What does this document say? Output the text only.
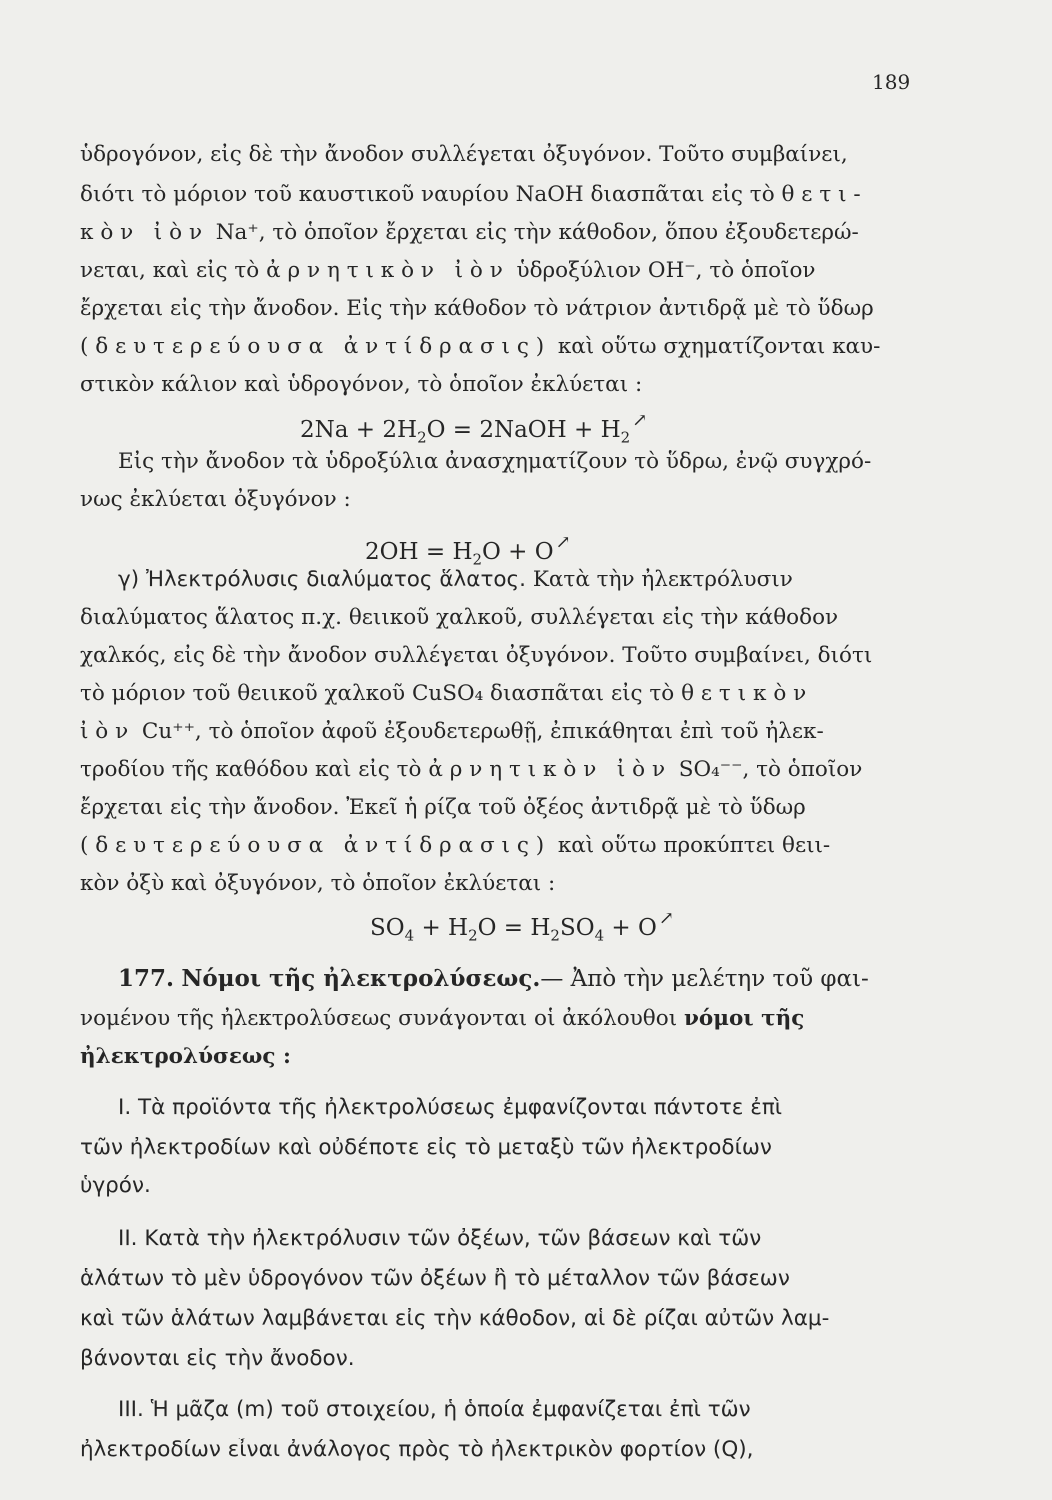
189
ὑδρογόνον, εἰς δὲ τὴν ἄνοδον συλλέγεται ὀξυγόνον. Τοῦτο συμβαίνει,
διότι τὸ μόριον τοῦ καυστικοῦ ναυρίου NaOH διασπᾶται εἰς τὸ θετι-
κὸν ἰὸν Na⁺, τὸ ὁποῖον ἔρχεται εἰς τὴν κάθοδον, ὅπου ἐξουδετερώ-
νεται, καὶ εἰς τὸ ἀρνητικὸν ἰὸν ὑδροξύλιον OH⁻, τὸ ὁποῖον
ἔρχεται εἰς τὴν ἄνοδον. Εἰς τὴν κάθοδον τὸ νάτριον ἀντιδρᾷ μὲ τὸ ὕδωρ
(δευτερεύουσα ἀντίδρασις) καὶ οὕτω σχηματίζονται καυ-
στικὸν κάλιον καὶ ὑδρογόνον, τὸ ὁποῖον ἐκλύεται :
$2Na + 2H_2O$ = 2NaOH + $H_2^↗$
Εἰς τὴν ἄνοδον τὰ ὑδροξύλια ἀνασχηματίζουν τὸ ὕδρω, ἐνῷ συγχρό-
νως ἐκλύεται ὀξυγόνον :
$2OH = H_2O + O$ ↗
γ) Ἠλεκτρόλυσις διαλύματος ἅλατος. Κατὰ τὴν ἠλεκτρόλυσιν
διαλύματος ἅλατος π.χ. θειικοῦ χαλκοῦ, συλλέγεται εἰς τὴν κάθοδον
χαλκός, εἰς δὲ τὴν ἄνοδον συλλέγεται ὀξυγόνον. Τοῦτο συμβαίνει, διότι
τὸ μόριον τοῦ θειικοῦ χαλκοῦ CuSO₄ διασπᾶται εἰς τὸ θετικὸν
ἰὸν Cu⁺⁺, τὸ ὁποῖον ἀφοῦ ἐξουδετερωθῇ, ἐπικάθηται ἐπὶ τοῦ ἠλεκ-
τροδίου τῆς καθόδου καὶ εἰς τὸ ἀρνητικὸν ἰὸν SO₄⁻⁻, τὸ ὁποῖον
ἔρχεται εἰς τὴν ἄνοδον. Ἐκεῖ ἡ ρίζα τοῦ ὀξέος ἀντιδρᾷ μὲ τὸ ὕδωρ
(δευτερεύουσα ἀντίδρασις) καὶ οὕτω προκύπτει θειι-
κὸν ὀξὺ καὶ ὀξυγόνον, τὸ ὁποῖον ἐκλύεται :
$SO_4 + H_2O = H_2SO_4 + O$ ↗
177. Νόμοι τῆς ἠλεκτρολύσεως.— Ἀπὸ τὴν μελέτην τοῦ φαι-
νομένου τῆς ἠλεκτρολύσεως συνάγονται οἱ ἀκόλουθοι νόμοι τῆς
ἠλεκτρολύσεως :
Ι. Τὰ προϊόντα τῆς ἠλεκτρολύσεως ἐμφανίζονται πάντοτε ἐπὶ
τῶν ἠλεκτροδίων καὶ οὐδέποτε εἰς τὸ μεταξὺ τῶν ἠλεκτροδίων
ὑγρόν.
ΙΙ. Κατὰ τὴν ἠλεκτρόλυσιν τῶν ὀξέων, τῶν βάσεων καὶ τῶν
ἁλάτων τὸ μὲν ὑδρογόνον τῶν ὀξέων ἢ τὸ μέταλλον τῶν βάσεων
καὶ τῶν ἁλάτων λαμβάνεται εἰς τὴν κάθοδον, αἱ δὲ ρίζαι αὐτῶν λαμ-
βάνονται εἰς τὴν ἄνοδον.
ΙΙΙ. Ἡ μᾶζα (m) τοῦ στοιχείου, ἡ ὁποία ἐμφανίζεται ἐπὶ τῶν
ἠλεκτροδίων εἶναι ἀνάλογος πρὸς τὸ ἠλεκτρικὸν φορτίον (Q),
